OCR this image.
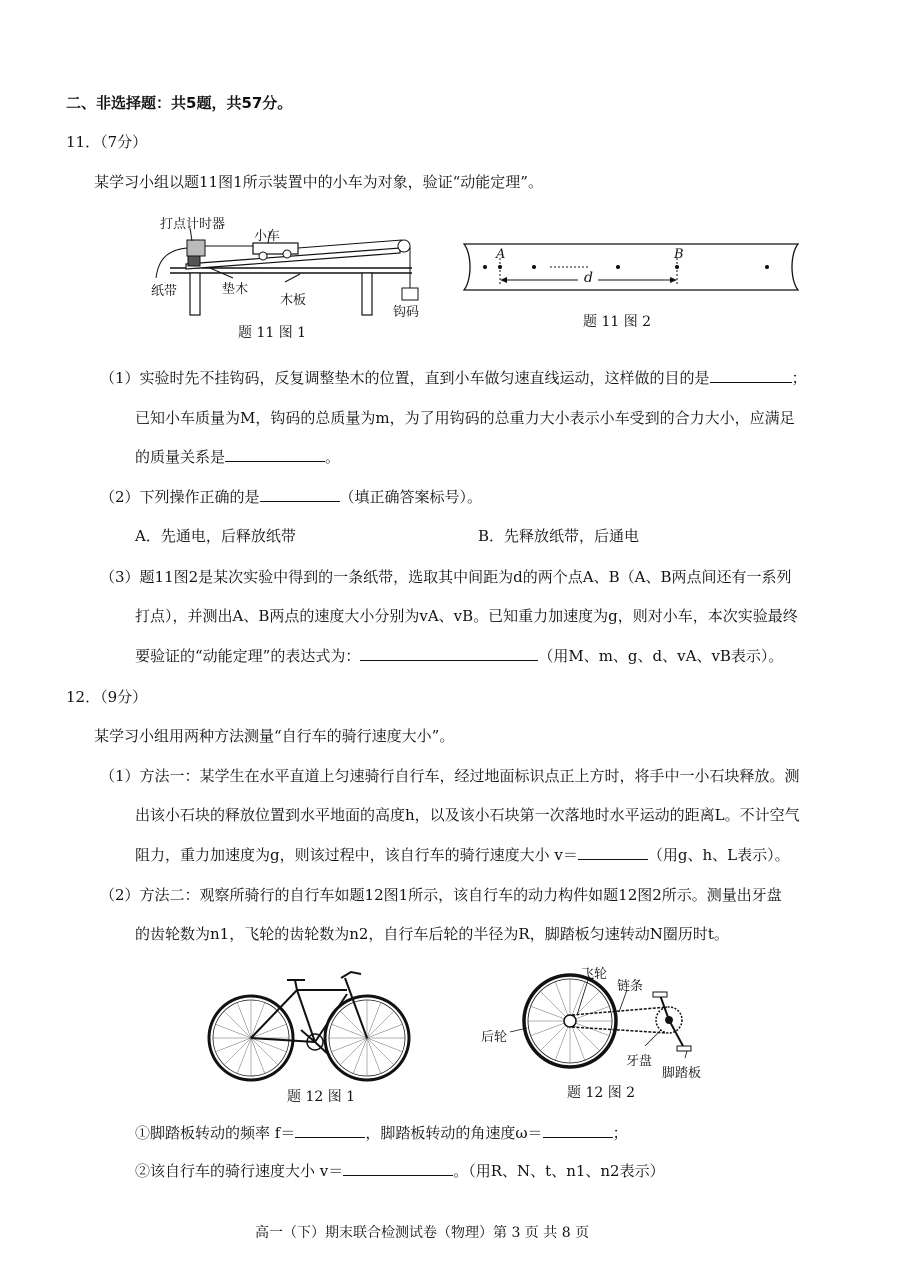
二、非选择题：共5题，共57分。
11．（7分）
某学习小组以题11图1所示装置中的小车为对象，验证“动能定理”。
打点计时器
小车
纸带	垫木
木板
钩码
题 11 图 1
A	B
d
题 11 图 2
（1）实验时先不挂钩码，反复调整垫木的位置，直到小车做匀速直线运动，这样做的目的是	；
已知小车质量为M，钩码的总质量为m，为了用钩码的总重力大小表示小车受到的合力大小，应满足
的质量关系是	。
（2）下列操作正确的是	（填正确答案标号）。
A．先通电，后释放纸带	B．先释放纸带，后通电
（3）题11图2是某次实验中得到的一条纸带，选取其中间距为d的两个点A、B（A、B两点间还有一系列
打点），并测出A、B两点的速度大小分别为vA、vB。已知重力加速度为g，则对小车，本次实验最终
要验证的“动能定理”的表达式为：	（用M、m、g、d、vA、vB表示）。
12．（9分）
某学习小组用两种方法测量“自行车的骑行速度大小”。
（1）方法一：某学生在水平直道上匀速骑行自行车，经过地面标识点正上方时，将手中一小石块释放。测
出该小石块的释放位置到水平地面的高度h，以及该小石块第一次落地时水平运动的距离L。不计空气
阻力，重力加速度为g，则该过程中，该自行车的骑行速度大小 v＝	（用g、h、L表示）。
（2）方法二：观察所骑行的自行车如题12图1所示，该自行车的动力构件如题12图2所示。测量出牙盘
的齿轮数为n1，飞轮的齿轮数为n2，自行车后轮的半径为R，脚踏板匀速转动N圈历时t。
题 12 图 1
飞轮
链条
后轮
牙盘
脚踏板
题 12 图 2
①脚踏板转动的频率 f＝	，脚踏板转动的角速度ω＝	；
②该自行车的骑行速度大小 v＝	。（用R、N、t、n1、n2表示）
高一（下）期末联合检测试卷（物理）第 3 页 共 8 页
